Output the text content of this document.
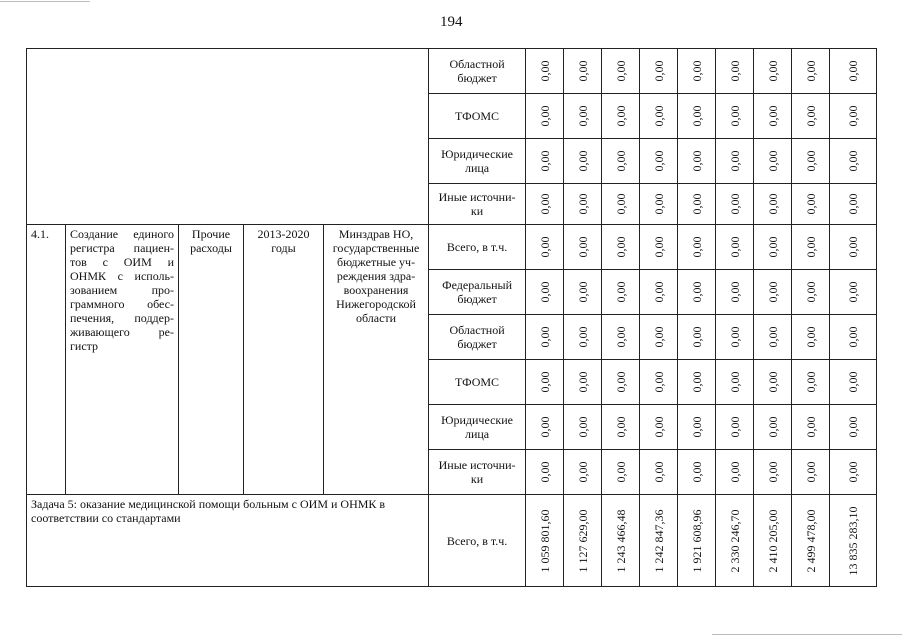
194
					Областной бюджет	0,00	0,00	0,00	0,00	0,00	0,00	0,00	0,00	0,00

					ТФОМС	0,00	0,00	0,00	0,00	0,00	0,00	0,00	0,00	0,00

					Юридические лица	0,00	0,00	0,00	0,00	0,00	0,00	0,00	0,00	0,00

					Иные источни-ки	0,00	0,00	0,00	0,00	0,00	0,00	0,00	0,00	0,00

4.1.	Создание единого регистра пациен-тов с ОИМ и ОНМК с исполь-зованием про-граммного обес-печения, поддер-живающего ре-гистр	Прочие расходы	2013-2020 годы	Минздрав НО, государственные бюджетные уч-реждения здра-воохранения Нижегородской области	Всего, в т.ч.	0,00	0,00	0,00	0,00	0,00	0,00	0,00	0,00	0,00

					Федеральный бюджет	0,00	0,00	0,00	0,00	0,00	0,00	0,00	0,00	0,00

					Областной бюджет	0,00	0,00	0,00	0,00	0,00	0,00	0,00	0,00	0,00

					ТФОМС	0,00	0,00	0,00	0,00	0,00	0,00	0,00	0,00	0,00

					Юридические лица	0,00	0,00	0,00	0,00	0,00	0,00	0,00	0,00	0,00

					Иные источни-ки	0,00	0,00	0,00	0,00	0,00	0,00	0,00	0,00	0,00

Задача 5: оказание медицинской помощи больным с ОИМ и ОНМК в соответствии со стандартами					Всего, в т.ч.	1 059 801,60	1 127 629,00	1 243 466,48	1 242 847,36	1 921 608,96	2 330 246,70	2 410 205,00	2 499 478,00	13 835 283,10
